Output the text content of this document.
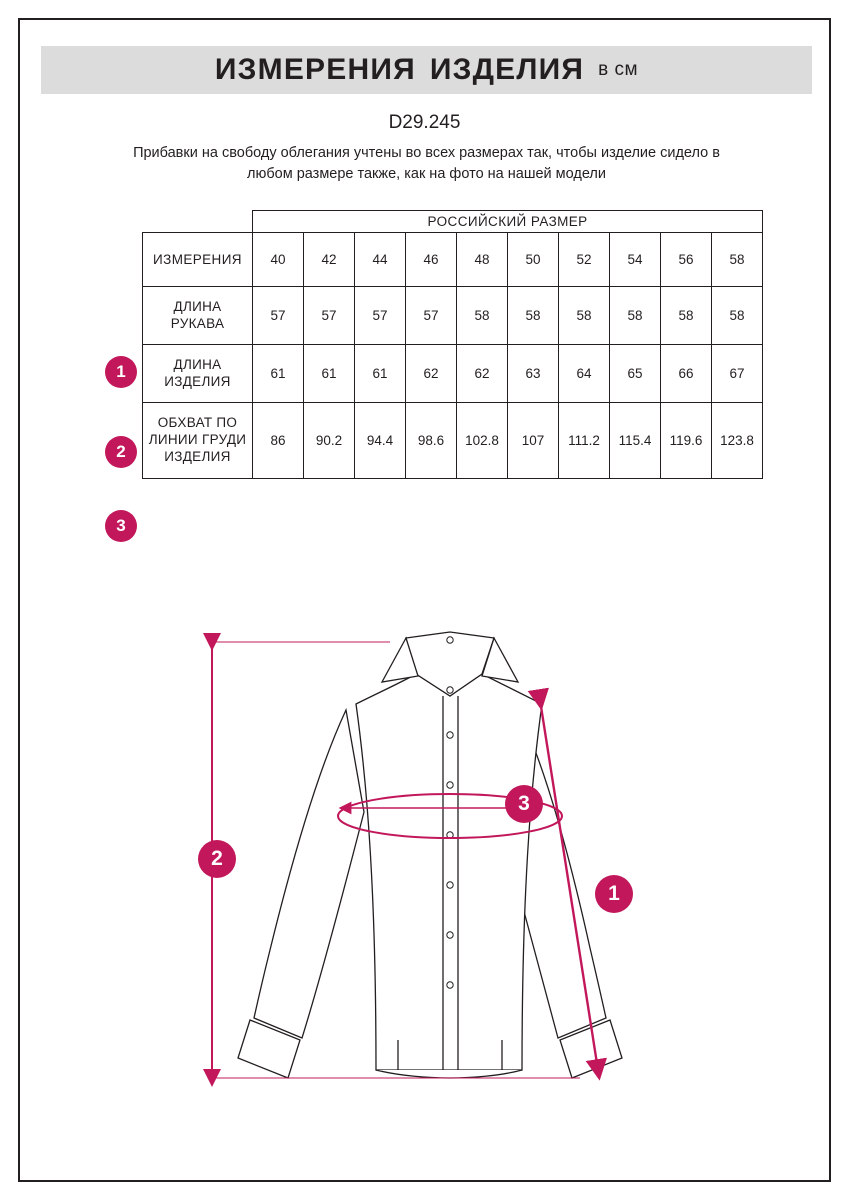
ИЗМЕРЕНИЯ ИЗДЕЛИЯ в см
D29.245
Прибавки на свободу облегания учтены во всех размерах так, чтобы изделие сидело в любом размере также, как на фото на нашей модели
1
2
3
	РОССИЙСКИЙ РАЗМЕР									
ИЗМЕРЕНИЯ	40	42	44	46	48	50	52	54	56	58
ДЛИНА РУКАВА	57	57	57	57	58	58	58	58	58	58
ДЛИНА ИЗДЕЛИЯ	61	61	61	62	62	63	64	65	66	67
ОБХВАТ ПО ЛИНИИ ГРУДИ ИЗДЕЛИЯ	86	90.2	94.4	98.6	102.8	107	111.2	115.4	119.6	123.8
1
2
3
